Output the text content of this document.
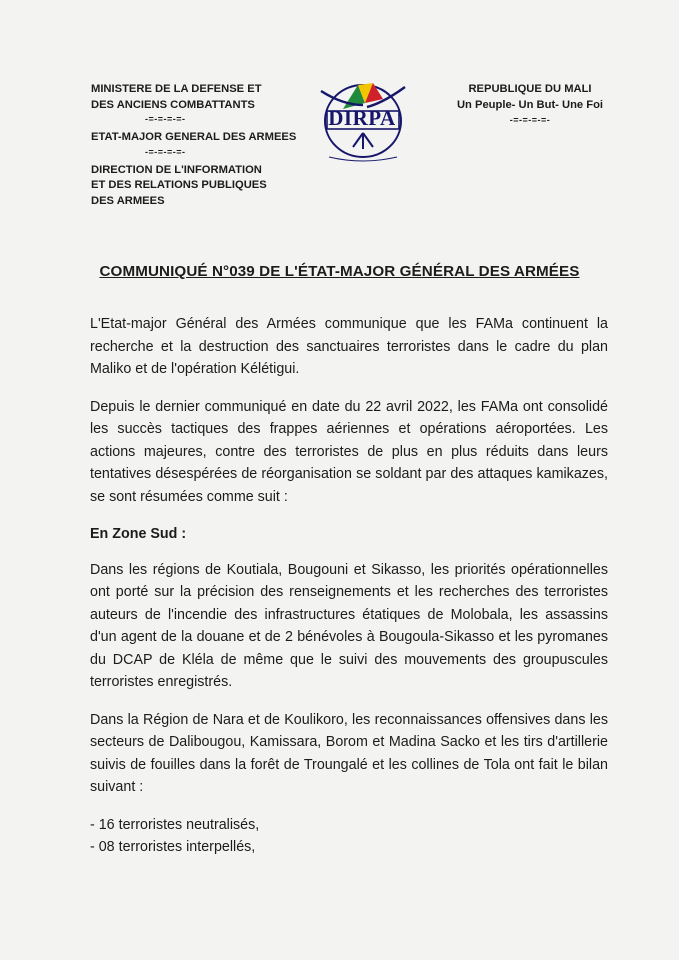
MINISTERE DE LA DEFENSE ET
DES ANCIENS COMBATTANTS
-=-=-=-=-
ETAT-MAJOR GENERAL DES ARMEES
-=-=-=-=-
DIRECTION DE L'INFORMATION
ET DES RELATIONS PUBLIQUES
DES ARMEES
DIRPA
REPUBLIQUE DU MALI
Un Peuple- Un But- Une Foi
-=-=-=-=-
COMMUNIQUÉ N°039 DE L'ÉTAT-MAJOR GÉNÉRAL DES ARMÉES

L'Etat-major Général des Armées communique que les FAMa continuent la recherche et la destruction des sanctuaires terroristes dans le cadre du plan Maliko et de l'opération Kélétigui.

Depuis le dernier communiqué en date du 22 avril 2022, les FAMa ont consolidé les succès tactiques des frappes aériennes et opérations aéroportées. Les actions majeures, contre des terroristes de plus en plus réduits dans leurs tentatives désespérées de réorganisation se soldant par des attaques kamikazes, se sont résumées comme suit :

En Zone Sud :

Dans les régions de Koutiala, Bougouni et Sikasso, les priorités opérationnelles ont porté sur la précision des renseignements et les recherches des terroristes auteurs de l'incendie des infrastructures étatiques de Molobala, les assassins d'un agent de la douane et de 2 bénévoles à Bougoula-Sikasso et les pyromanes du DCAP de Kléla de même que le suivi des mouvements des groupuscules terroristes enregistrés.

Dans la Région de Nara et de Koulikoro, les reconnaissances offensives dans les secteurs de Dalibougou, Kamissara, Borom et Madina Sacko et les tirs d'artillerie suivis de fouilles dans la forêt de Troungalé et les collines de Tola ont fait le bilan suivant :

- 16 terroristes neutralisés,
- 08 terroristes interpellés,
